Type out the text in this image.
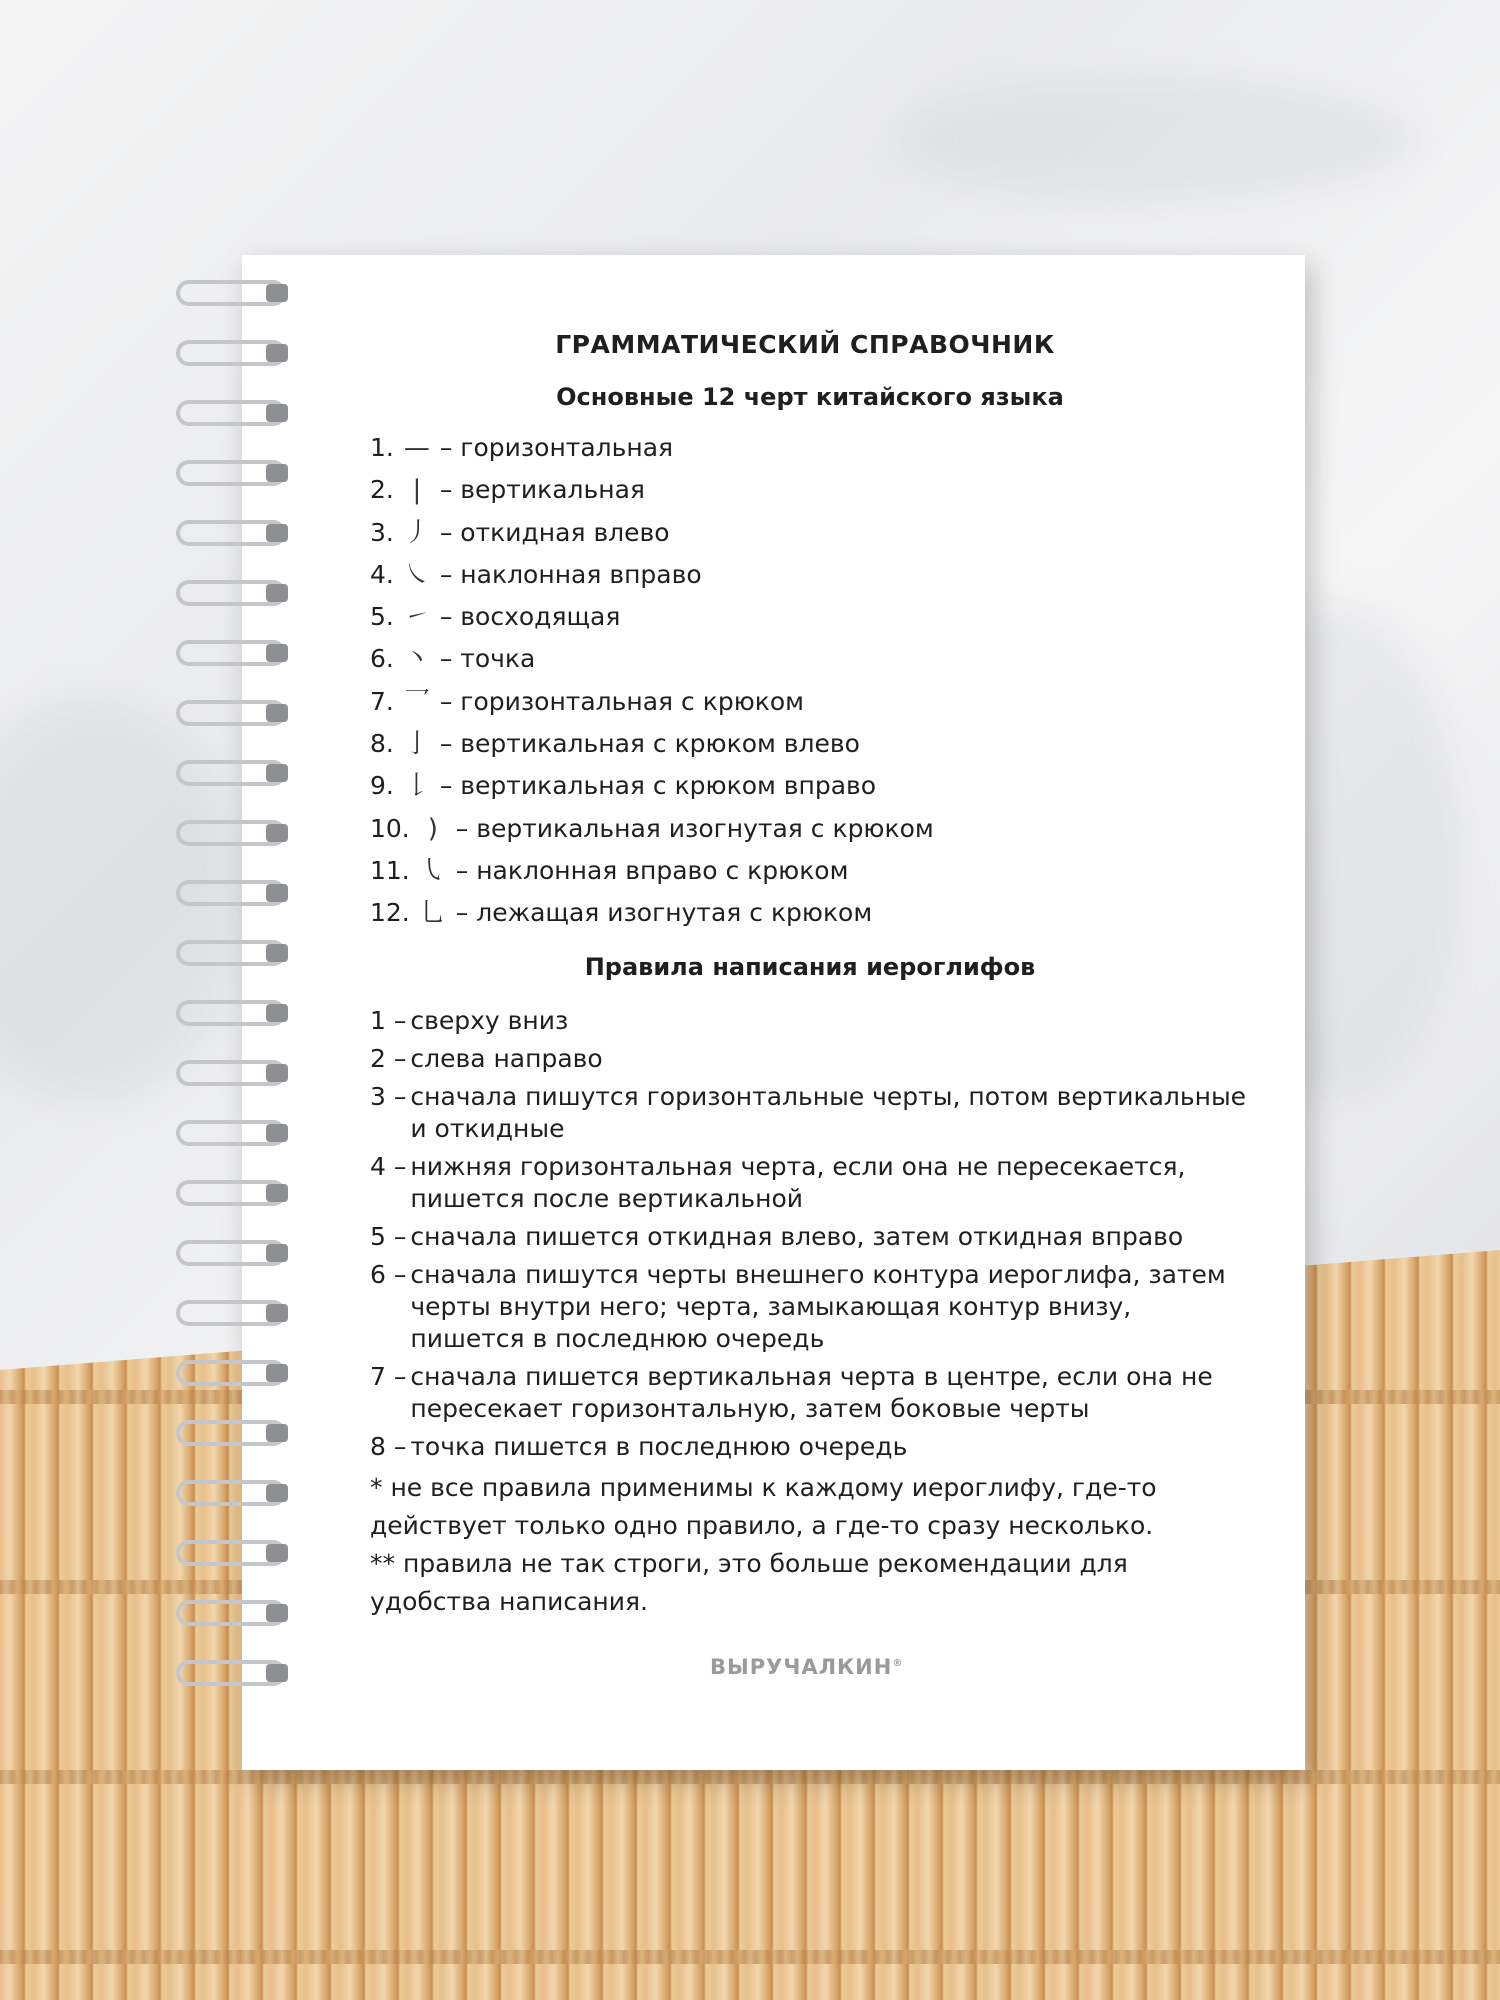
ГРАММАТИЧЕСКИЙ СПРАВОЧНИК
Основные 12 черт китайского языка
1. — – горизонтальная
2. | – вертикальная
3. 丿 – откидная влево
4. ㇏ – наклонная вправо
5. ㇀ – восходящая
6. 丶 – точка
7. 乛 – горизонтальная с крюком
8. 亅 – вертикальная с крюком влево
9. 𠄌 – вертикальная с крюком вправо
10. ) – вертикальная изогнутая с крюком
11. ㇂ – наклонная вправо с крюком
12. 乚 – лежащая изогнутая с крюком
Правила написания иероглифов
1 – сверху вниз
2 – слева направо
3 – сначала пишутся горизонтальные черты, потом вертикальные и откидные
4 – нижняя горизонтальная черта, если она не пересекается, пишется после вертикальной
5 – сначала пишется откидная влево, затем откидная вправо
6 – сначала пишутся черты внешнего контура иероглифа, затем черты внутри него; черта, замыкающая контур внизу, пишется в последнюю очередь
7 – сначала пишется вертикальная черта в центре, если она не пересекает горизонтальную, затем боковые черты
8 – точка пишется в последнюю очередь
* не все правила применимы к каждому иероглифу, где-то действует только одно правило, а где-то сразу несколько.
** правила не так строги, это больше рекомендации для удобства написания.
ВЫРУЧАЛКИН®
